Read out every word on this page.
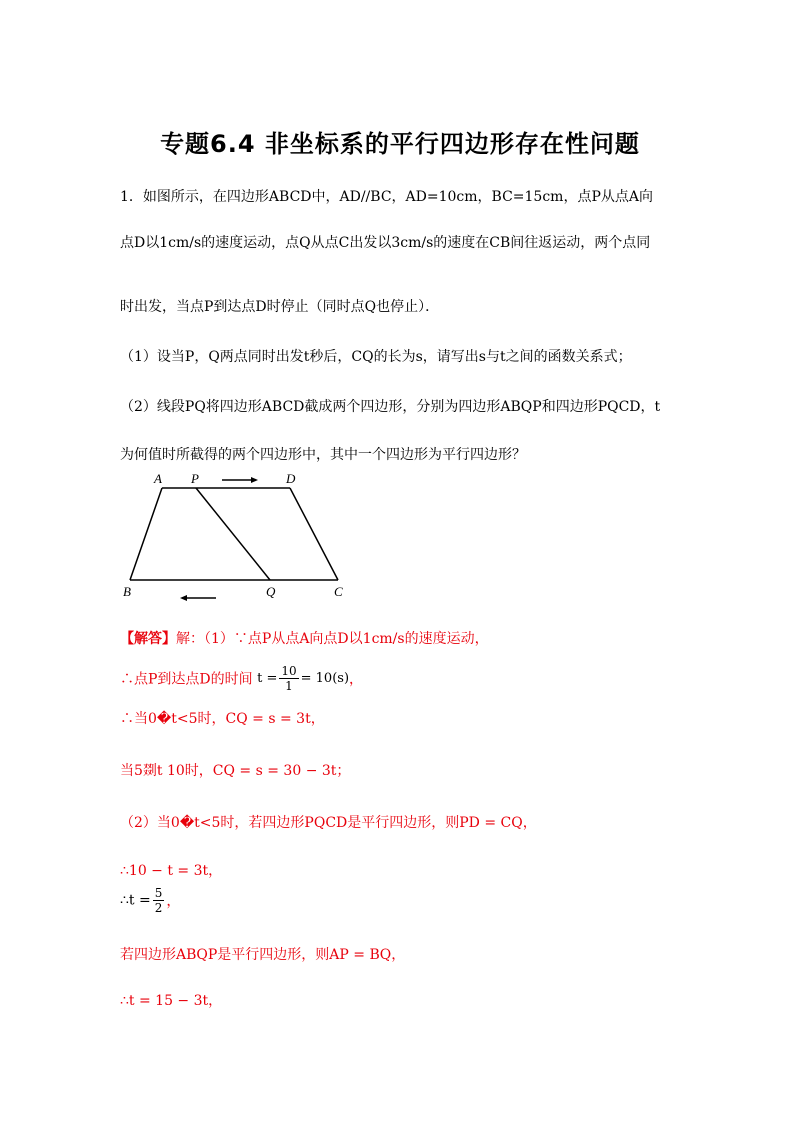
专题6.4 非坐标系的平行四边形存在性问题
1．如图所示，在四边形ABCD中，AD//BC，AD=10cm，BC=15cm，点P从点A向
点D以1cm/s的速度运动，点Q从点C出发以3cm/s的速度在CB间往返运动，两个点同
时出发，当点P到达点D时停止（同时点Q也停止）．
（1）设当P，Q两点同时出发t秒后，CQ的长为s，请写出s与t之间的函数关系式；
（2）线段PQ将四边形ABCD截成两个四边形，分别为四边形ABQP和四边形PQCD，t
为何值时所截得的两个四边形中，其中一个四边形为平行四边形？
A P	D
B	Q	C
【解答】解：（1）∵点P从点A向点D以1cm/s的速度运动，
∴点P到达点D的时间 $t = \frac{10}{1} = 10(s)$，
∴当0�t<5时，CQ = s = 3t，
当5剟t 10时，CQ = s = 30 − 3t；
（2）当0�t<5时，若四边形PQCD是平行四边形，则PD = CQ，
∴10 − t = 3t，
∴t = $\frac{5}{2}$ ，
若四边形ABQP是平行四边形，则AP = BQ，
∴t = 15 − 3t，
